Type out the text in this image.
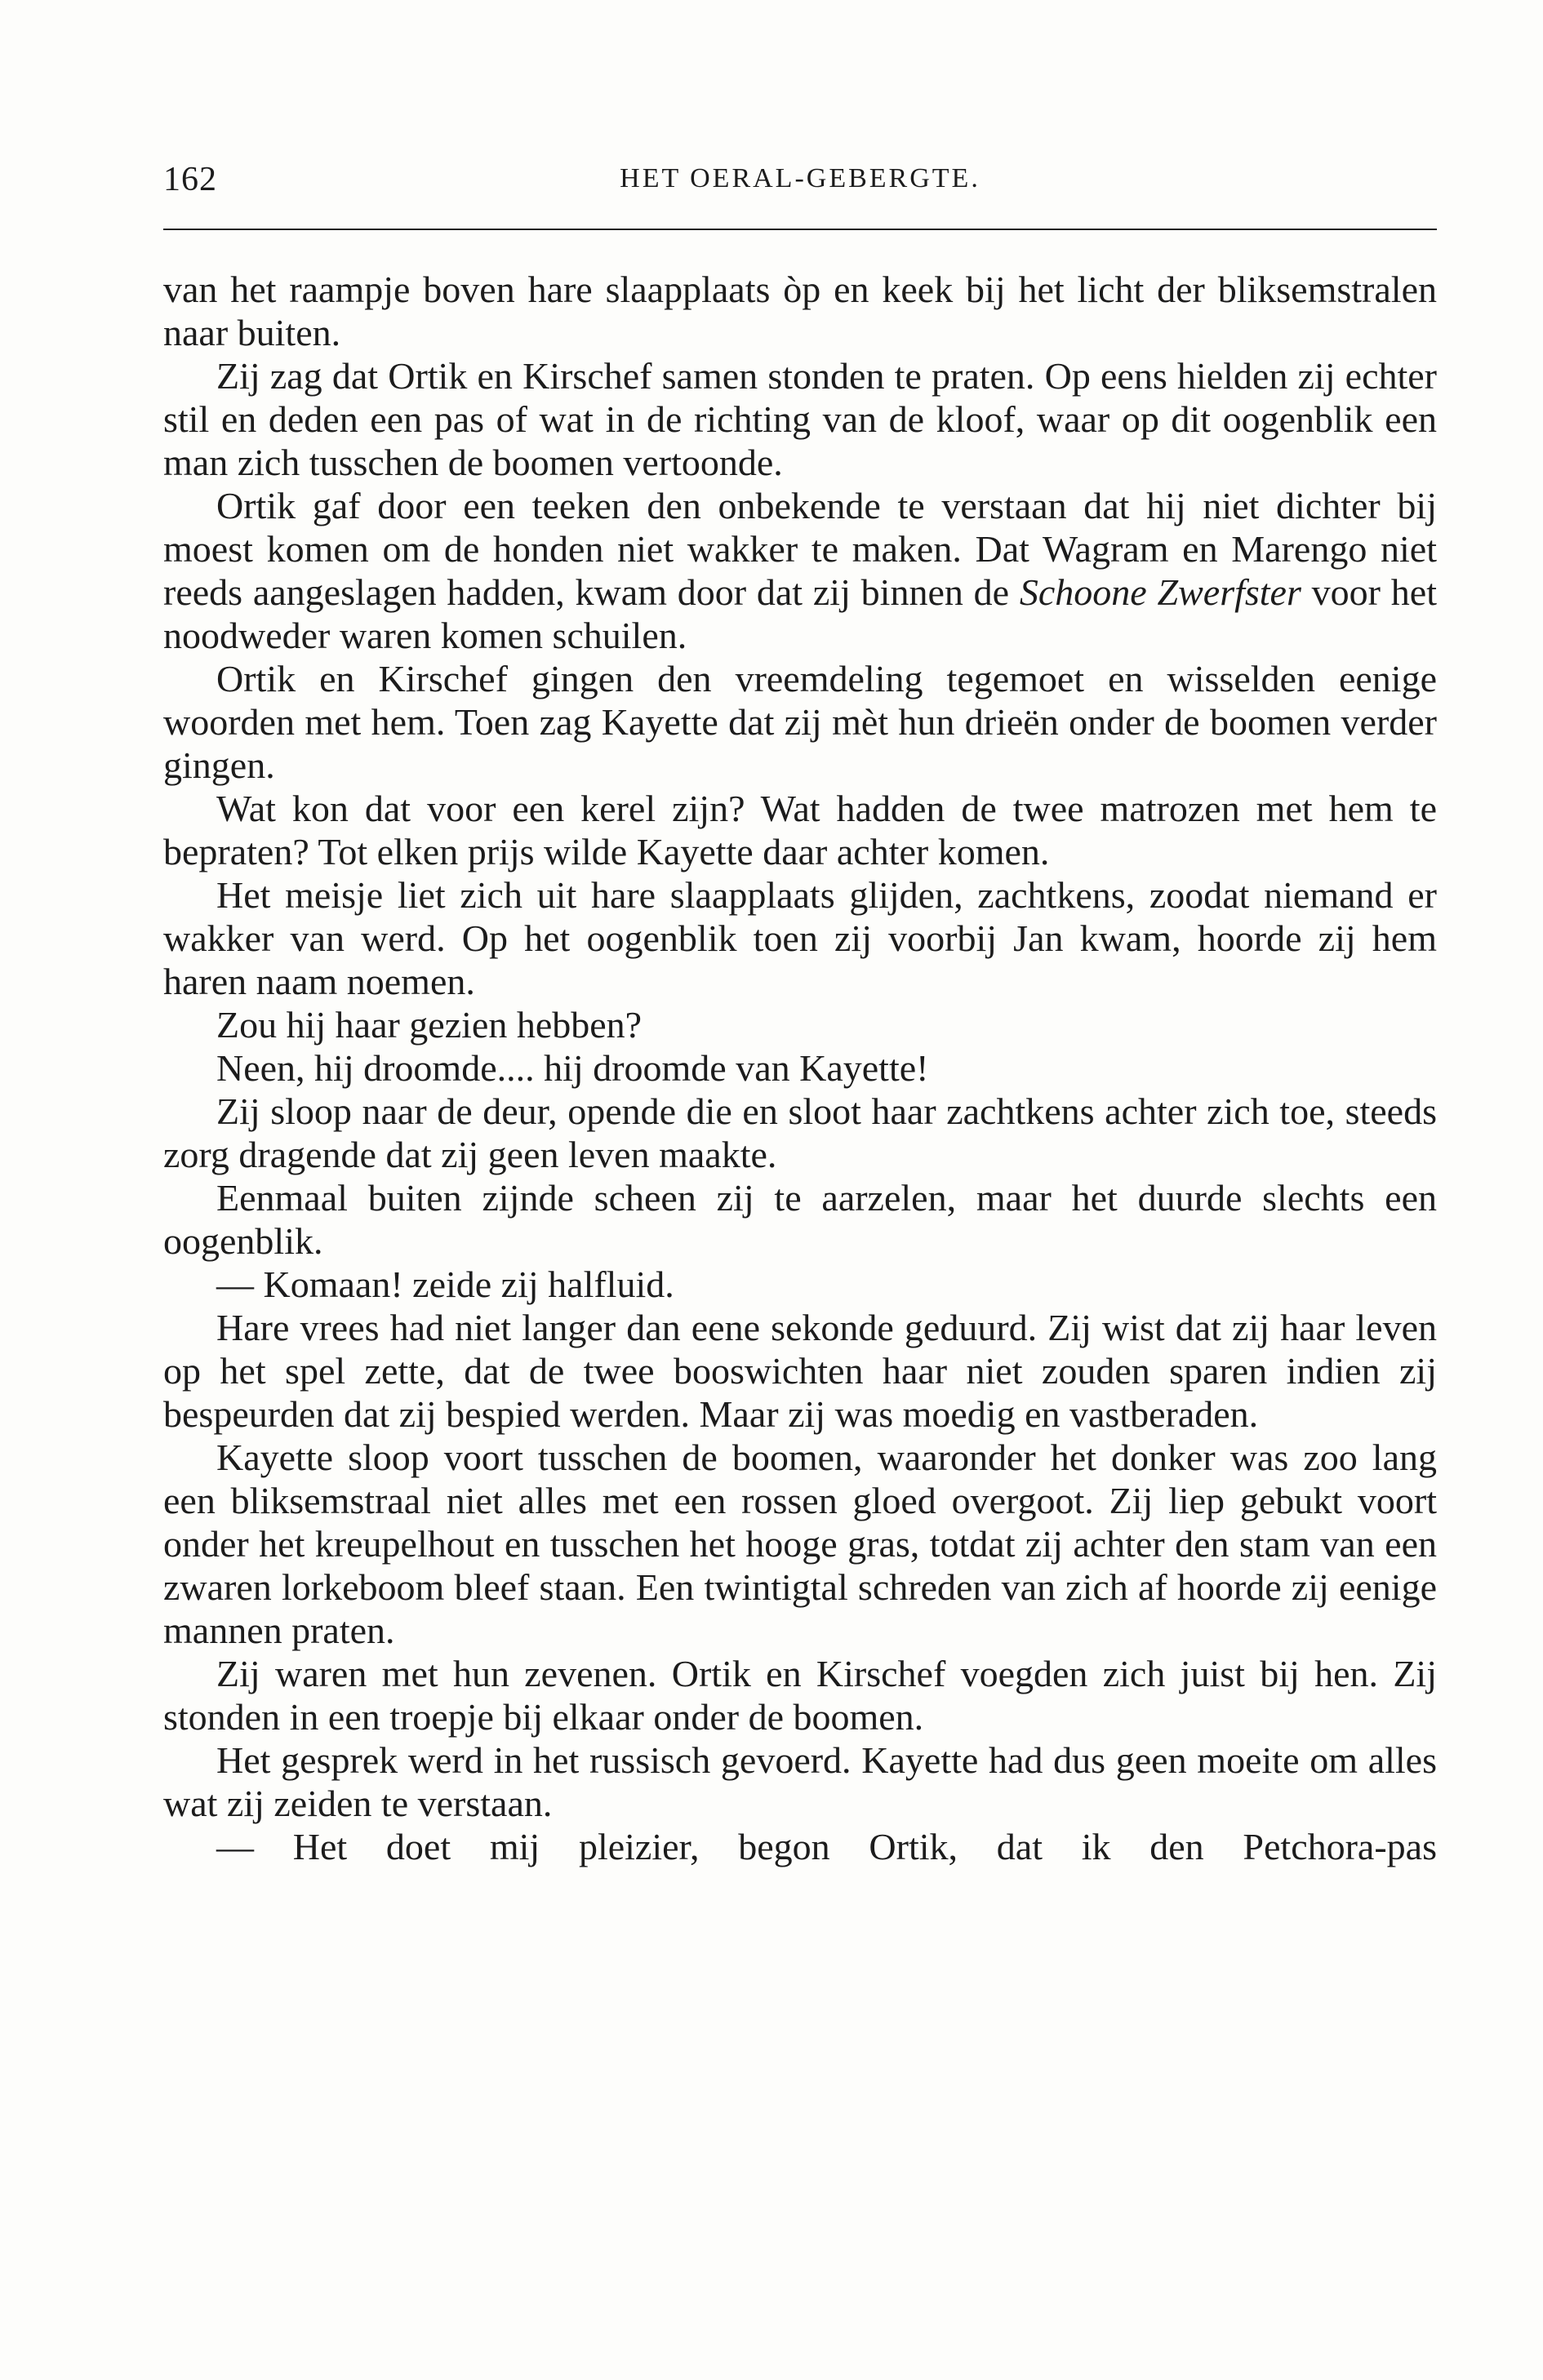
162	HET OERAL-GEBERGTE.

van het raampje boven hare slaapplaats òp en keek bij het licht der bliksemstralen naar buiten.

Zij zag dat Ortik en Kirschef samen stonden te praten. Op eens hielden zij echter stil en deden een pas of wat in de richting van de kloof, waar op dit oogenblik een man zich tusschen de boomen vertoonde.

Ortik gaf door een teeken den onbekende te verstaan dat hij niet dichter bij moest komen om de honden niet wakker te maken. Dat Wagram en Marengo niet reeds aangeslagen hadden, kwam door dat zij binnen de Schoone Zwerfster voor het noodweder waren komen schuilen.

Ortik en Kirschef gingen den vreemdeling tegemoet en wisselden eenige woorden met hem. Toen zag Kayette dat zij mèt hun drieën onder de boomen verder gingen.

Wat kon dat voor een kerel zijn? Wat hadden de twee matrozen met hem te bepraten? Tot elken prijs wilde Kayette daar achter komen.

Het meisje liet zich uit hare slaapplaats glijden, zachtkens, zoodat niemand er wakker van werd. Op het oogenblik toen zij voorbij Jan kwam, hoorde zij hem haren naam noemen.

Zou hij haar gezien hebben?

Neen, hij droomde.... hij droomde van Kayette!

Zij sloop naar de deur, opende die en sloot haar zachtkens achter zich toe, steeds zorg dragende dat zij geen leven maakte.

Eenmaal buiten zijnde scheen zij te aarzelen, maar het duurde slechts een oogenblik.

— Komaan! zeide zij halfluid.

Hare vrees had niet langer dan eene sekonde geduurd. Zij wist dat zij haar leven op het spel zette, dat de twee booswichten haar niet zouden sparen indien zij bespeurden dat zij bespied werden. Maar zij was moedig en vastberaden.

Kayette sloop voort tusschen de boomen, waaronder het donker was zoo lang een bliksemstraal niet alles met een rossen gloed overgoot. Zij liep gebukt voort onder het kreupelhout en tusschen het hooge gras, totdat zij achter den stam van een zwaren lorkeboom bleef staan. Een twintigtal schreden van zich af hoorde zij eenige mannen praten.

Zij waren met hun zevenen. Ortik en Kirschef voegden zich juist bij hen. Zij stonden in een troepje bij elkaar onder de boomen.

Het gesprek werd in het russisch gevoerd. Kayette had dus geen moeite om alles wat zij zeiden te verstaan.

— Het doet mij pleizier, begon Ortik, dat ik den Petchora-pas
